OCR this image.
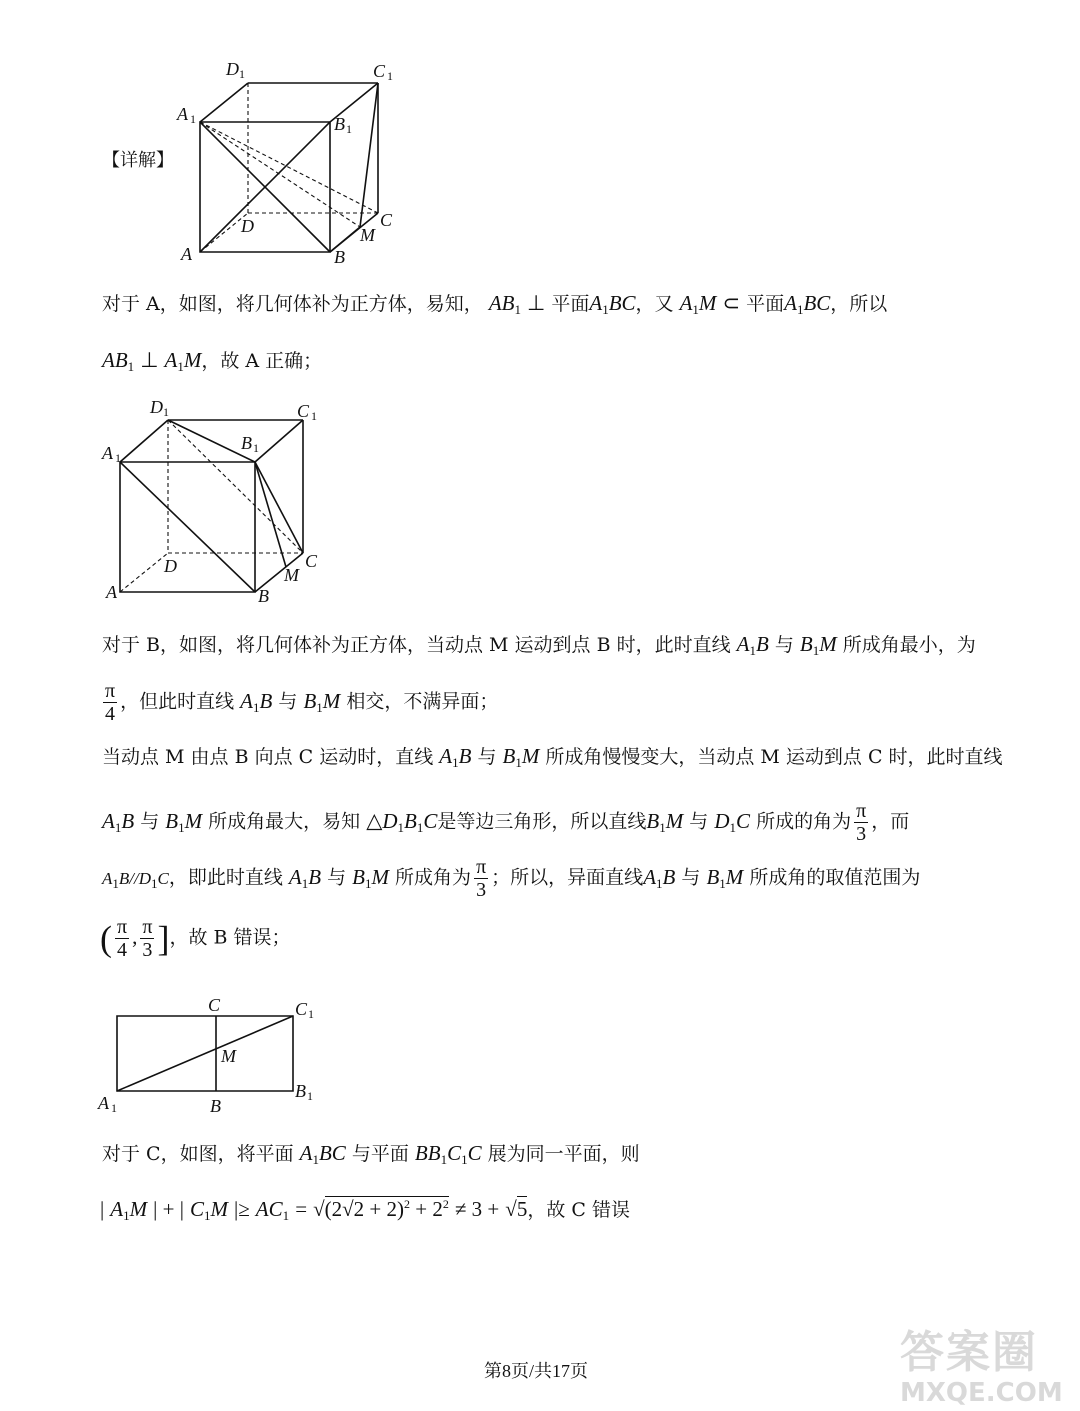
D 1	C 1
A 1	B 1
D	C
M
A	B
【详解】
对于 A，如图，将几何体补为正方体，易知， $AB_1$ ⊥ 平面$A_1BC$，又 $A_1M$ ⊂ 平面$A_1BC$，所以
$AB_1$ ⊥ $A_1M$，故 A 正确；
D 1	C 1
A 1
B 1
D	C
M
A	B
对于 B，如图，将几何体补为正方体，当动点 M 运动到点 B 时，此时直线 $A_1B$ 与 $B_1M$ 所成角最小，为
$\frac{\pi}{4}$ ，但此时直线 $A_1B$ 与 $B_1M$ 相交，不满异面；
当动点 M 由点 B 向点 C 运动时，直线 $A_1B$ 与 $B_1M$ 所成角慢慢变大，当动点 M 运动到点 C 时，此时直线
$A_1B$ 与 $B_1M$ 所成角最大，易知 $\triangle D_1B_1C$是等边三角形，所以直线$B_1M$ 与 $D_1C$ 所成的角为 $\frac{\pi}{3}$ ，而
$A_1B//D_1C$，即此时直线 $A_1B$ 与 $B_1M$ 所成角为 $\frac{\pi}{3}$ ；所以，异面直线$A_1B$ 与 $B_1M$ 所成角的取值范围为
( $\frac{\pi}{4}$ , $\frac{\pi}{3}$ ]，故 B 错误；
C	C 1
M
A 1	B
B 1
对于 C，如图，将平面 $A_1BC$ 与平面 $BB_1C_1C$ 展为同一平面，则
| $A_1M$ | + | $C_1M$ |≥ $AC_1 = √(2√2 + 2)^2 + 2^2 \ne 3 + √5$，故 C 错误
第8页/共17页	答案圈
MXQE.COM
